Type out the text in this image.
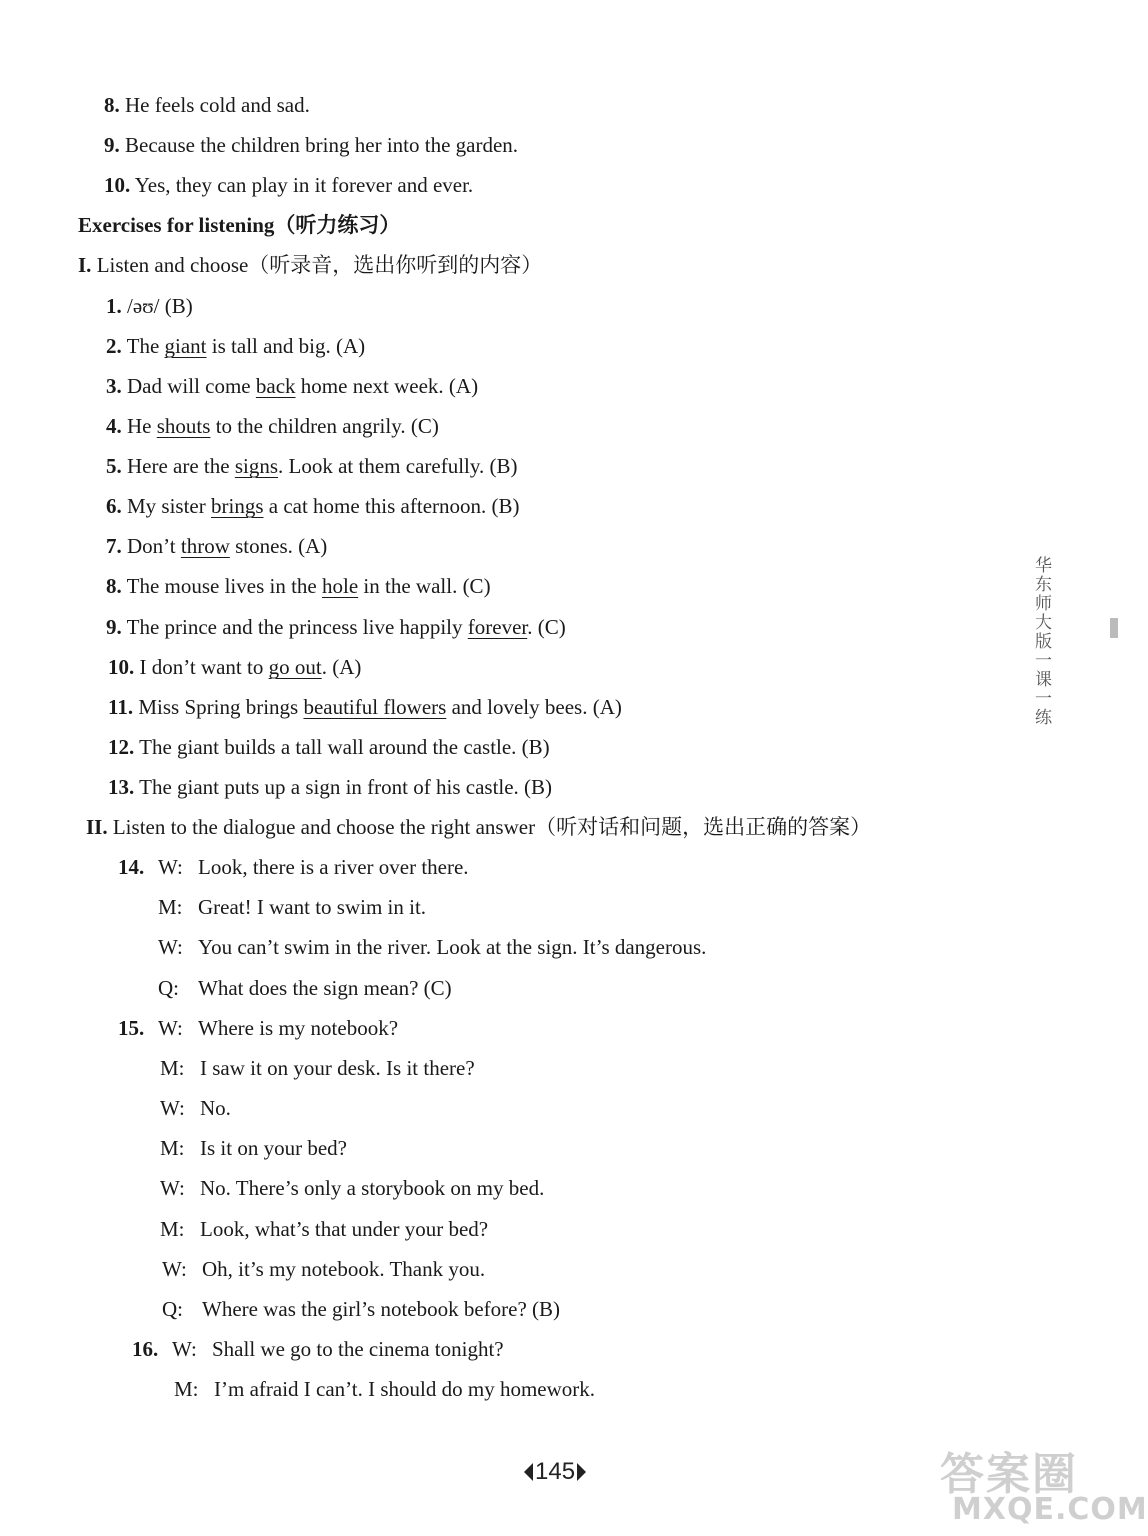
8. He feels cold and sad.
9. Because the children bring her into the garden.
10. Yes, they can play in it forever and ever.
Exercises for listening（听力练习）
I. Listen and choose（听录音，选出你听到的内容）
1. /əʊ/ (B)
2. The giant is tall and big. (A)
3. Dad will come back home next week. (A)
4. He shouts to the children angrily. (C)
5. Here are the signs. Look at them carefully. (B)
6. My sister brings a cat home this afternoon. (B)
7. Don’t throw stones. (A)
8. The mouse lives in the hole in the wall. (C)
9. The prince and the princess live happily forever. (C)
10. I don’t want to go out. (A)
11. Miss Spring brings beautiful flowers and lovely bees. (A)
12. The giant builds a tall wall around the castle. (B)
13. The giant puts up a sign in front of his castle. (B)
II. Listen to the dialogue and choose the right answer（听对话和问题，选出正确的答案）
14. W: Look, there is a river over there.
M: Great! I want to swim in it.
W: You can’t swim in the river. Look at the sign. It’s dangerous.
Q: What does the sign mean? (C)
15. W: Where is my notebook?
M: I saw it on your desk. Is it there?
W: No.
M: Is it on your bed?
W: No. There’s only a storybook on my bed.
M: Look, what’s that under your bed?
W: Oh, it’s my notebook. Thank you.
Q: Where was the girl’s notebook before? (B)
16. W: Shall we go to the cinema tonight?
M: I’m afraid I can’t. I should do my homework.
华东师大版一课一练
145	答案圈
MXQE.COM
